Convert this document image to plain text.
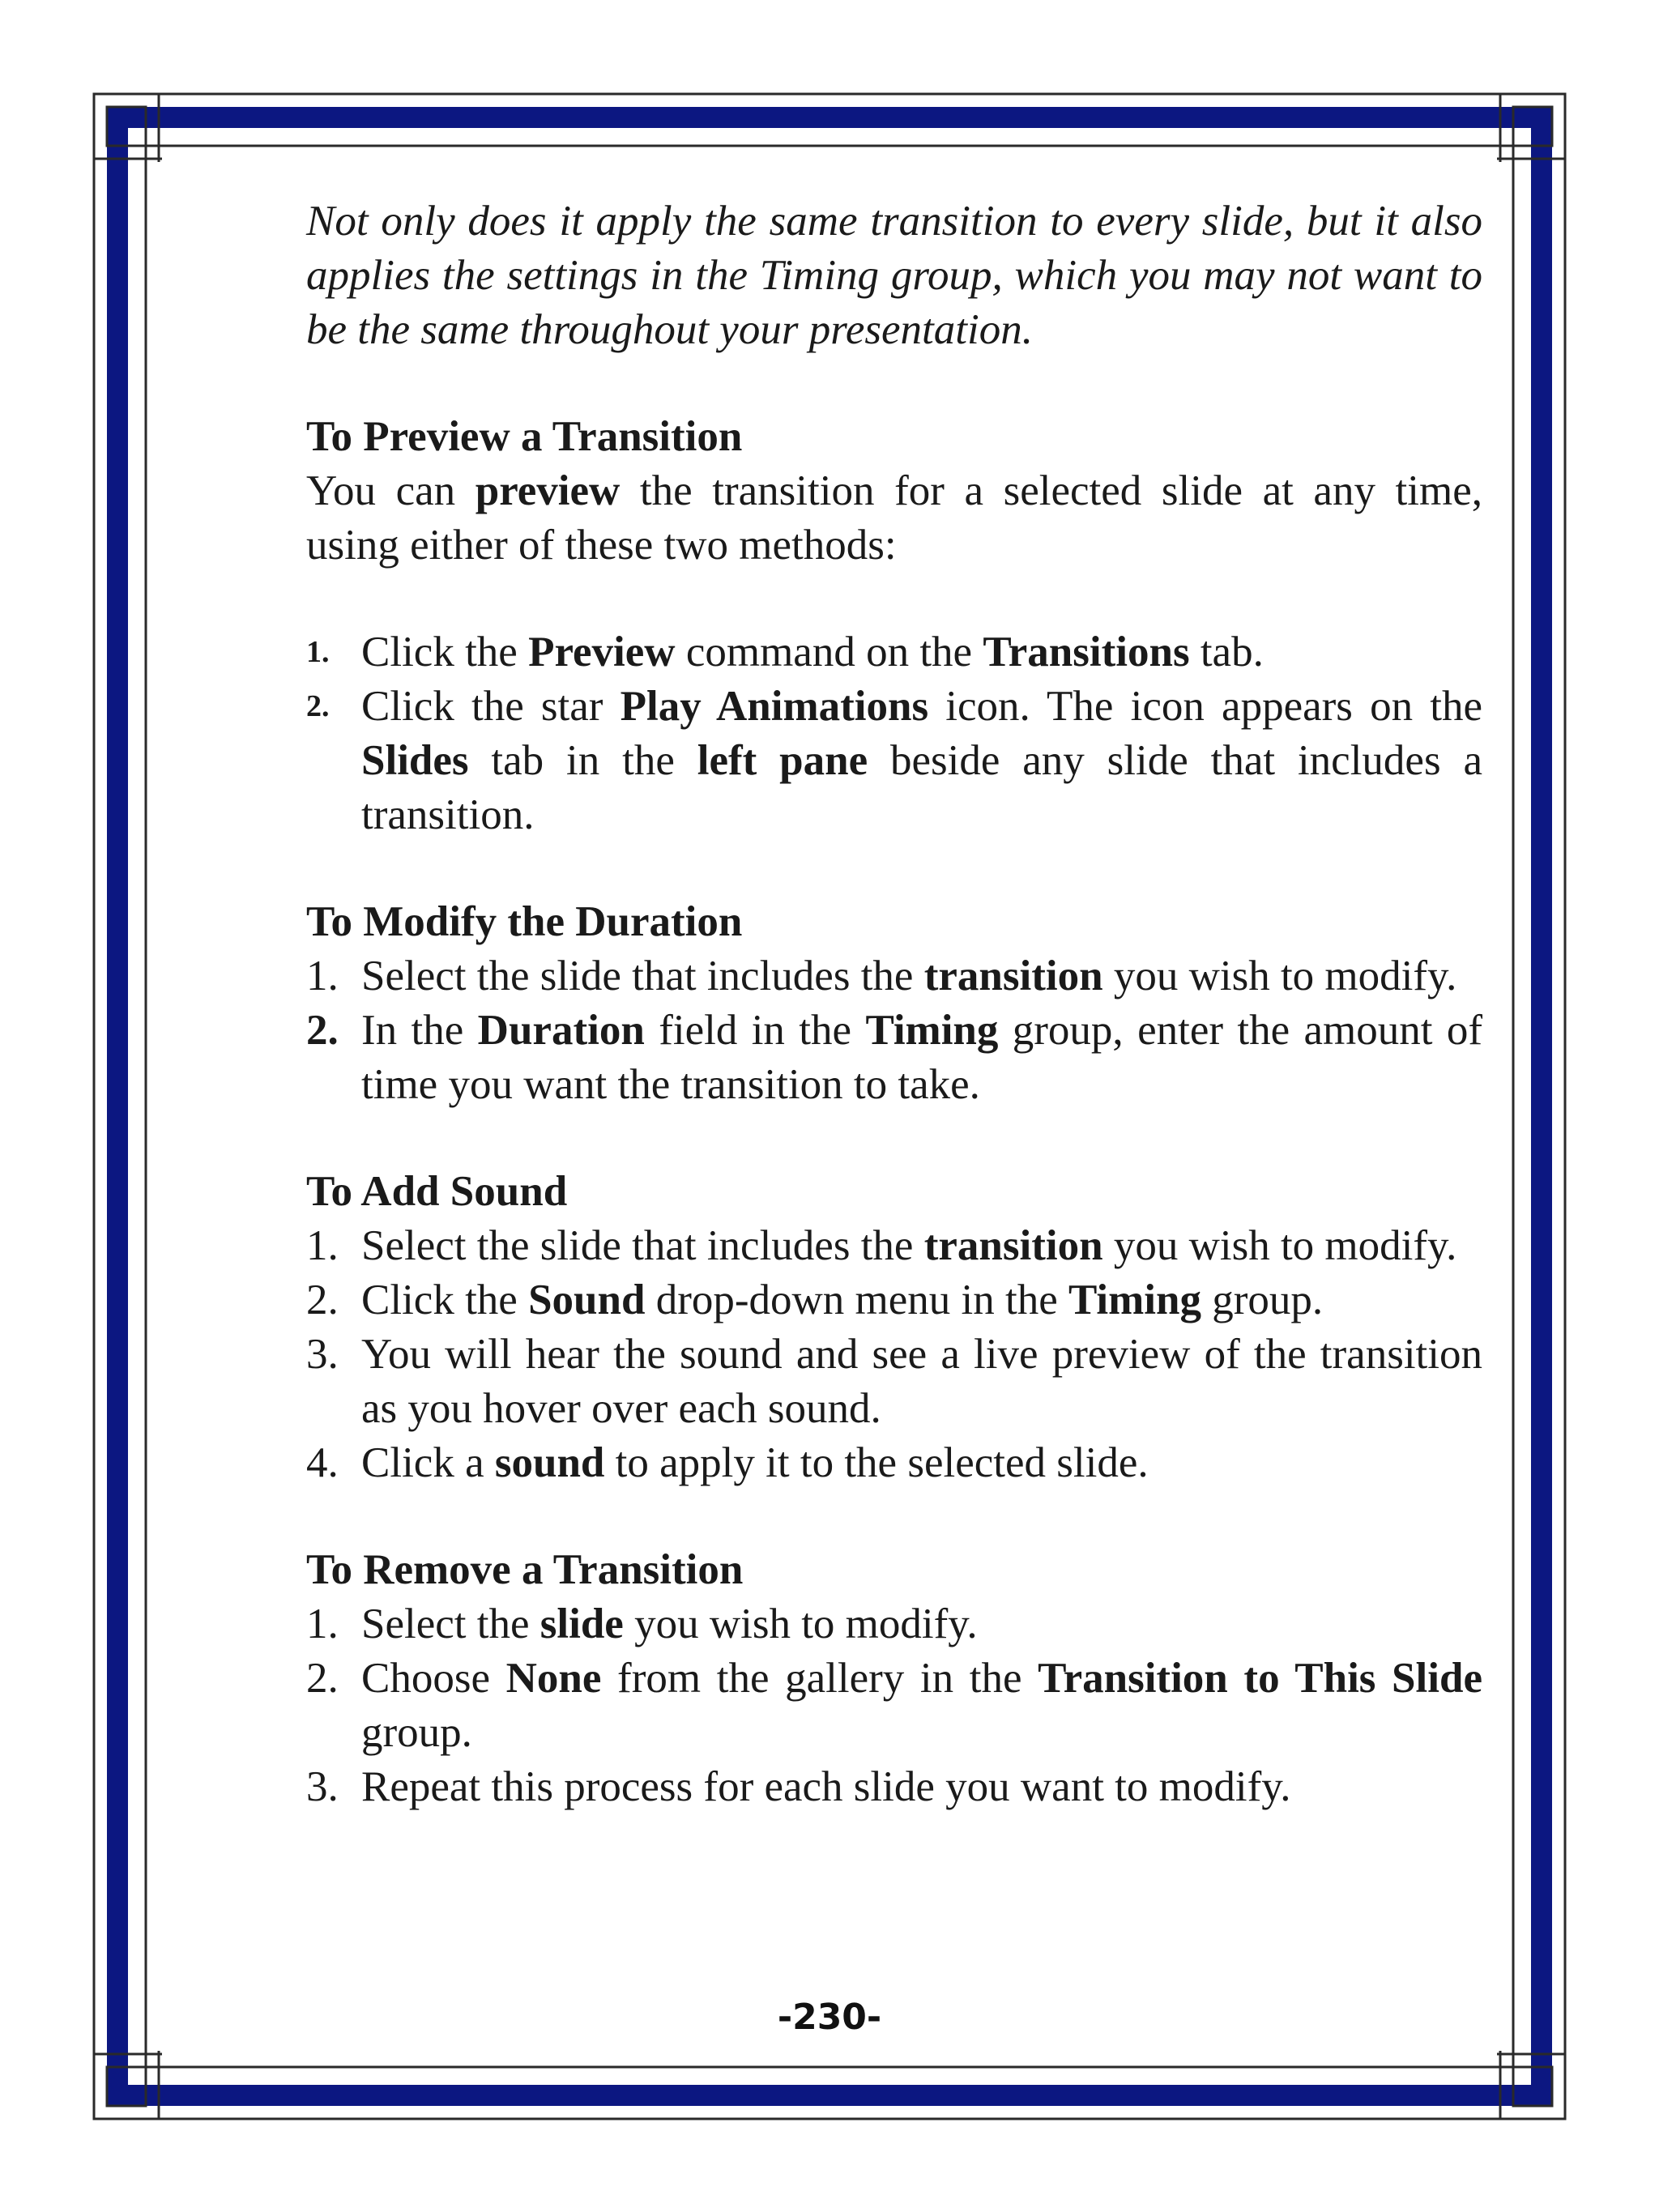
Not only does it apply the same transition to every slide, but it also applies the settings in the Timing group, which you may not want to be the same throughout your presentation.

To Preview a Transition

You can preview the transition for a selected slide at any time, using either of these two methods:

1. Click the Preview command on the Transitions tab.
2. Click the star Play Animations icon. The icon appears on the Slides tab in the left pane beside any slide that includes a transition.
To Modify the Duration
1. Select the slide that includes the transition you wish to modify.
2. In the Duration field in the Timing group, enter the amount of time you want the transition to take.
To Add Sound
1. Select the slide that includes the transition you wish to modify.
2. Click the Sound drop-down menu in the Timing group.
3. You will hear the sound and see a live preview of the transition as you hover over each sound.
4. Click a sound to apply it to the selected slide.
To Remove a Transition
1. Select the slide you wish to modify.
2. Choose None from the gallery in the Transition to This Slide group.
3. Repeat this process for each slide you want to modify.
-230-
